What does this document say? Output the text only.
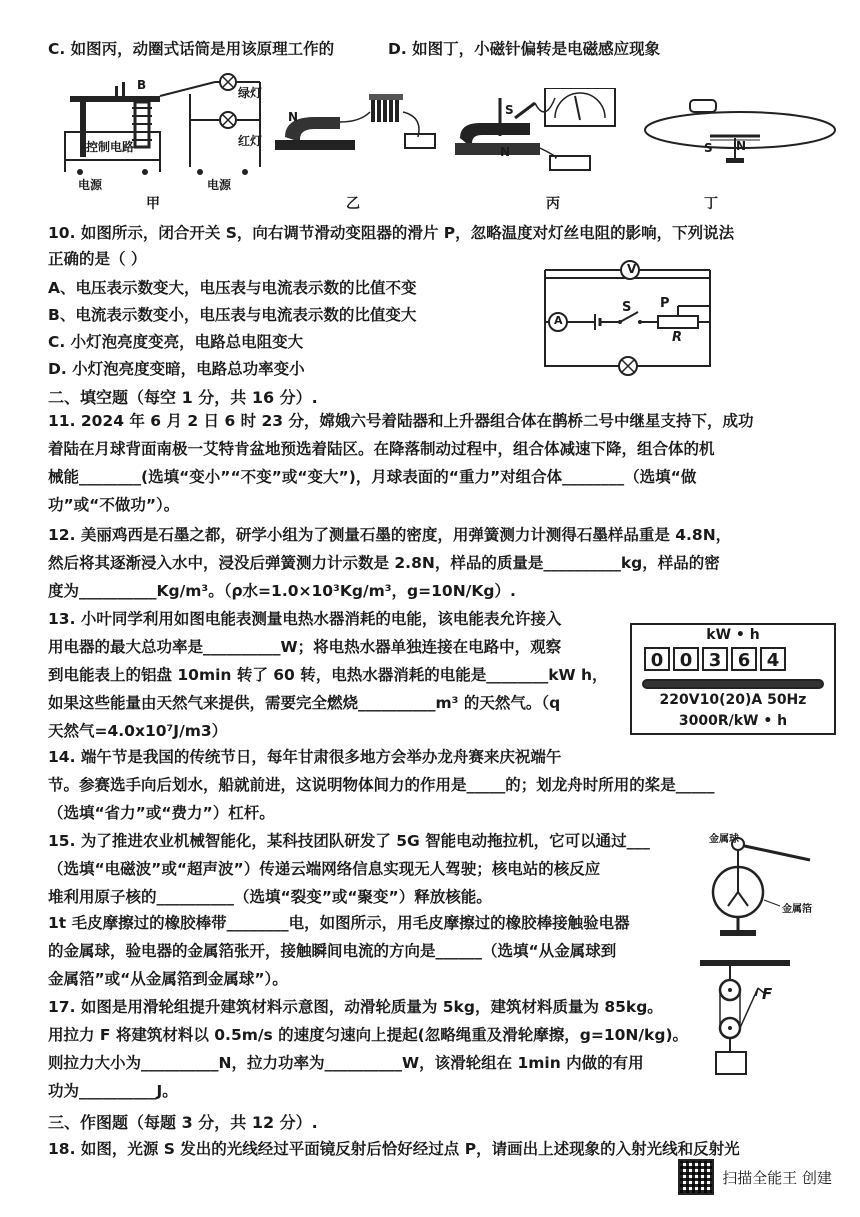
C. 如图丙，动圈式话筒是用该原理工作的	D. 如图丁，小磁针偏转是电磁感应现象
B
绿灯
红灯
控制电路
电源	电源
N	S
N	S N
甲	乙	丙	丁
10. 如图所示，闭合开关 S，向右调节滑动变阻器的滑片 P，忽略温度对灯丝电阻的影响，下列说法
正确的是（ ）
A、电压表示数变大，电压表与电流表示数的比值不变
B、电流表示数变小，电压表与电流表示数的比值变大
C. 小灯泡亮度变亮，电路总电阻变大
D. 小灯泡亮度变暗，电路总功率变小
V
A
S P
R
二、填空题（每空 1 分，共 16 分）.
11. 2024 年 6 月 2 日 6 时 23 分，嫦娥六号着陆器和上升器组合体在鹊桥二号中继星支持下，成功
着陆在月球背面南极一艾特肯盆地预选着陆区。在降落制动过程中，组合体减速下降，组合体的机
械能________(选填“变小”“不变”或“变大”)，月球表面的“重力”对组合体________（选填“做
功”或“不做功”）。
12. 美丽鸡西是石墨之都，研学小组为了测量石墨的密度，用弹簧测力计测得石墨样品重是 4.8N，
然后将其逐渐浸入水中，浸没后弹簧测力计示数是 2.8N，样品的质量是__________kg，样品的密
度为__________Kg/m³。（ρ水=1.0×10³Kg/m³，g=10N/Kg）.
13. 小叶同学利用如图电能表测量电热水器消耗的电能，该电能表允许接入
用电器的最大总功率是__________W；将电热水器单独连接在电路中，观察
到电能表上的铝盘 10min 转了 60 转，电热水器消耗的电能是________kW h，
如果这些能量由天然气来提供，需要完全燃烧__________m³ 的天然气。（q
天然气=4.0x10⁷J/m3）
kW • h
0 0 3 6 4
220V10(20)A 50Hz
3000R/kW • h
14. 端午节是我国的传统节日，每年甘肃很多地方会举办龙舟赛来庆祝端午
节。参赛选手向后划水，船就前进，这说明物体间力的作用是_____的；划龙舟时所用的桨是_____
（选填“省力”或“费力”）杠杆。
15. 为了推进农业机械智能化，某科技团队研发了 5G 智能电动拖拉机，它可以通过___
（选填“电磁波”或“超声波”）传递云端网络信息实现无人驾驶；核电站的核反应
堆利用原子核的__________（选填“裂变”或“聚变”）释放核能。
金属球
金属箔
1t 毛皮摩擦过的橡胶棒带________电，如图所示，用毛皮摩擦过的橡胶棒接触验电器
的金属球，验电器的金属箔张开，接触瞬间电流的方向是______（选填“从金属球到
金属箔”或“从金属箔到金属球”）。
F
17. 如图是用滑轮组提升建筑材料示意图，动滑轮质量为 5kg，建筑材料质量为 85kg。
用拉力 F 将建筑材料以 0.5m/s 的速度匀速向上提起(忽略绳重及滑轮摩擦，g=10N/kg)。
则拉力大小为__________N，拉力功率为__________W，该滑轮组在 1min 内做的有用
功为__________J。
三、作图题（每题 3 分，共 12 分）.
18. 如图，光源 S 发出的光线经过平面镜反射后恰好经过点 P，请画出上述现象的入射光线和反射光
扫描全能王 创建
